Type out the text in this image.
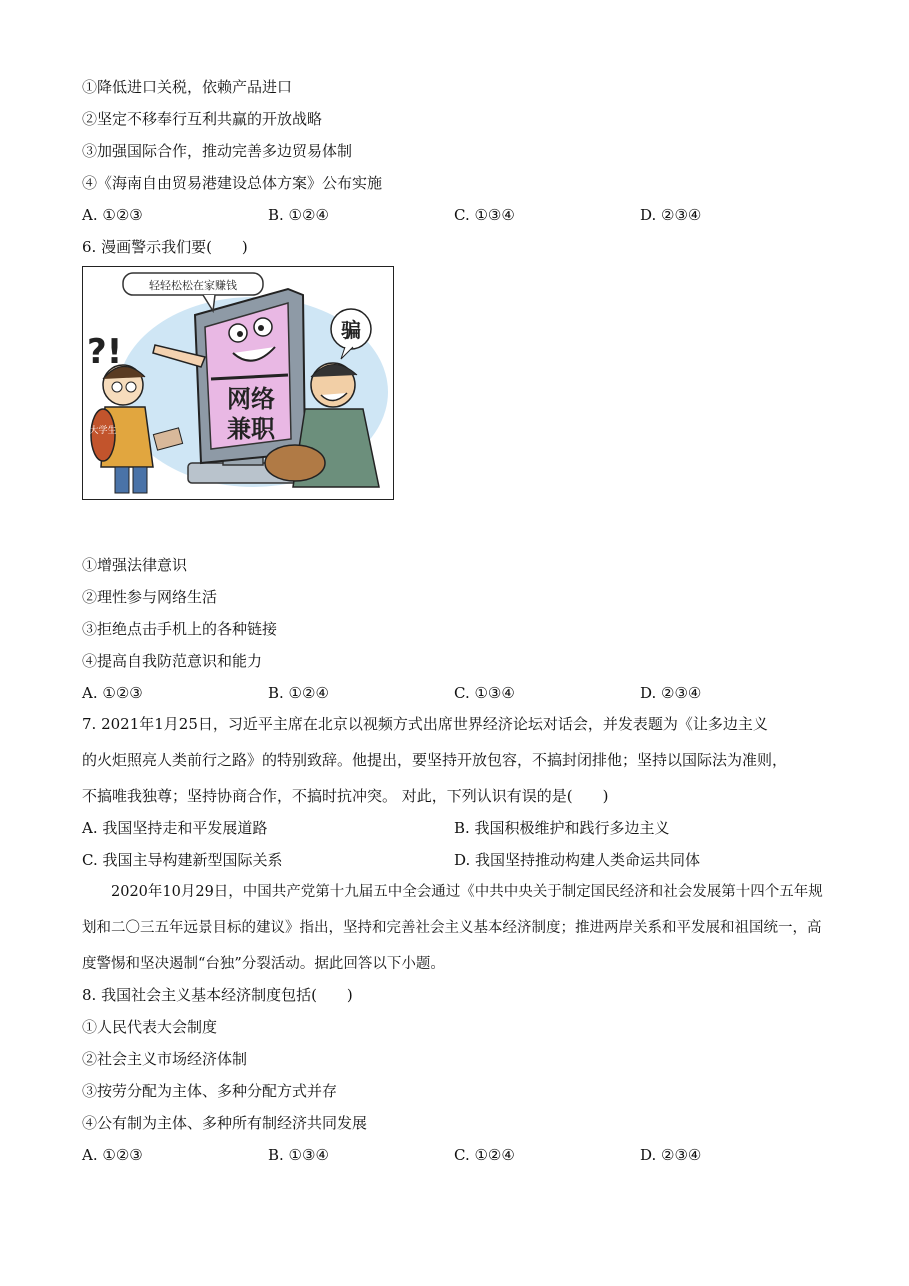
①降低进口关税，依赖产品进口
②坚定不移奉行互利共赢的开放战略
③加强国际合作，推动完善多边贸易体制
④《海南自由贸易港建设总体方案》公布实施
A. ①②③	B. ①②④	C. ①③④	D. ②③④
6. 漫画警示我们要(　　)
轻轻松松在家赚钱
网络
兼职
大学生
?!
骗
①增强法律意识
②理性参与网络生活
③拒绝点击手机上的各种链接
④提高自我防范意识和能力
A. ①②③	B. ①②④	C. ①③④	D. ②③④
7. 2021年1月25日，习近平主席在北京以视频方式出席世界经济论坛对话会，并发表题为《让多边主义
的火炬照亮人类前行之路》的特别致辞。他提出，要坚持开放包容，不搞封闭排他；坚持以国际法为准则，
不搞唯我独尊；坚持协商合作，不搞时抗冲突。 对此，下列认识有误的是(　　)
A. 我国坚持走和平发展道路	B. 我国积极维护和践行多边主义
C. 我国主导构建新型国际关系	D. 我国坚持推动构建人类命运共同体
2020年10月29日，中国共产党第十九届五中全会通过《中共中央关于制定国民经济和社会发展第十四个五年规划和二〇三五年远景目标的建议》指出，坚持和完善社会主义基本经济制度；推进两岸关系和平发展和祖国统一，高度警惕和坚决遏制“台独”分裂活动。据此回答以下小题。
8. 我国社会主义基本经济制度包括(　　)
①人民代表大会制度
②社会主义市场经济体制
③按劳分配为主体、多种分配方式并存
④公有制为主体、多种所有制经济共同发展
A. ①②③	B. ①③④	C. ①②④	D. ②③④
